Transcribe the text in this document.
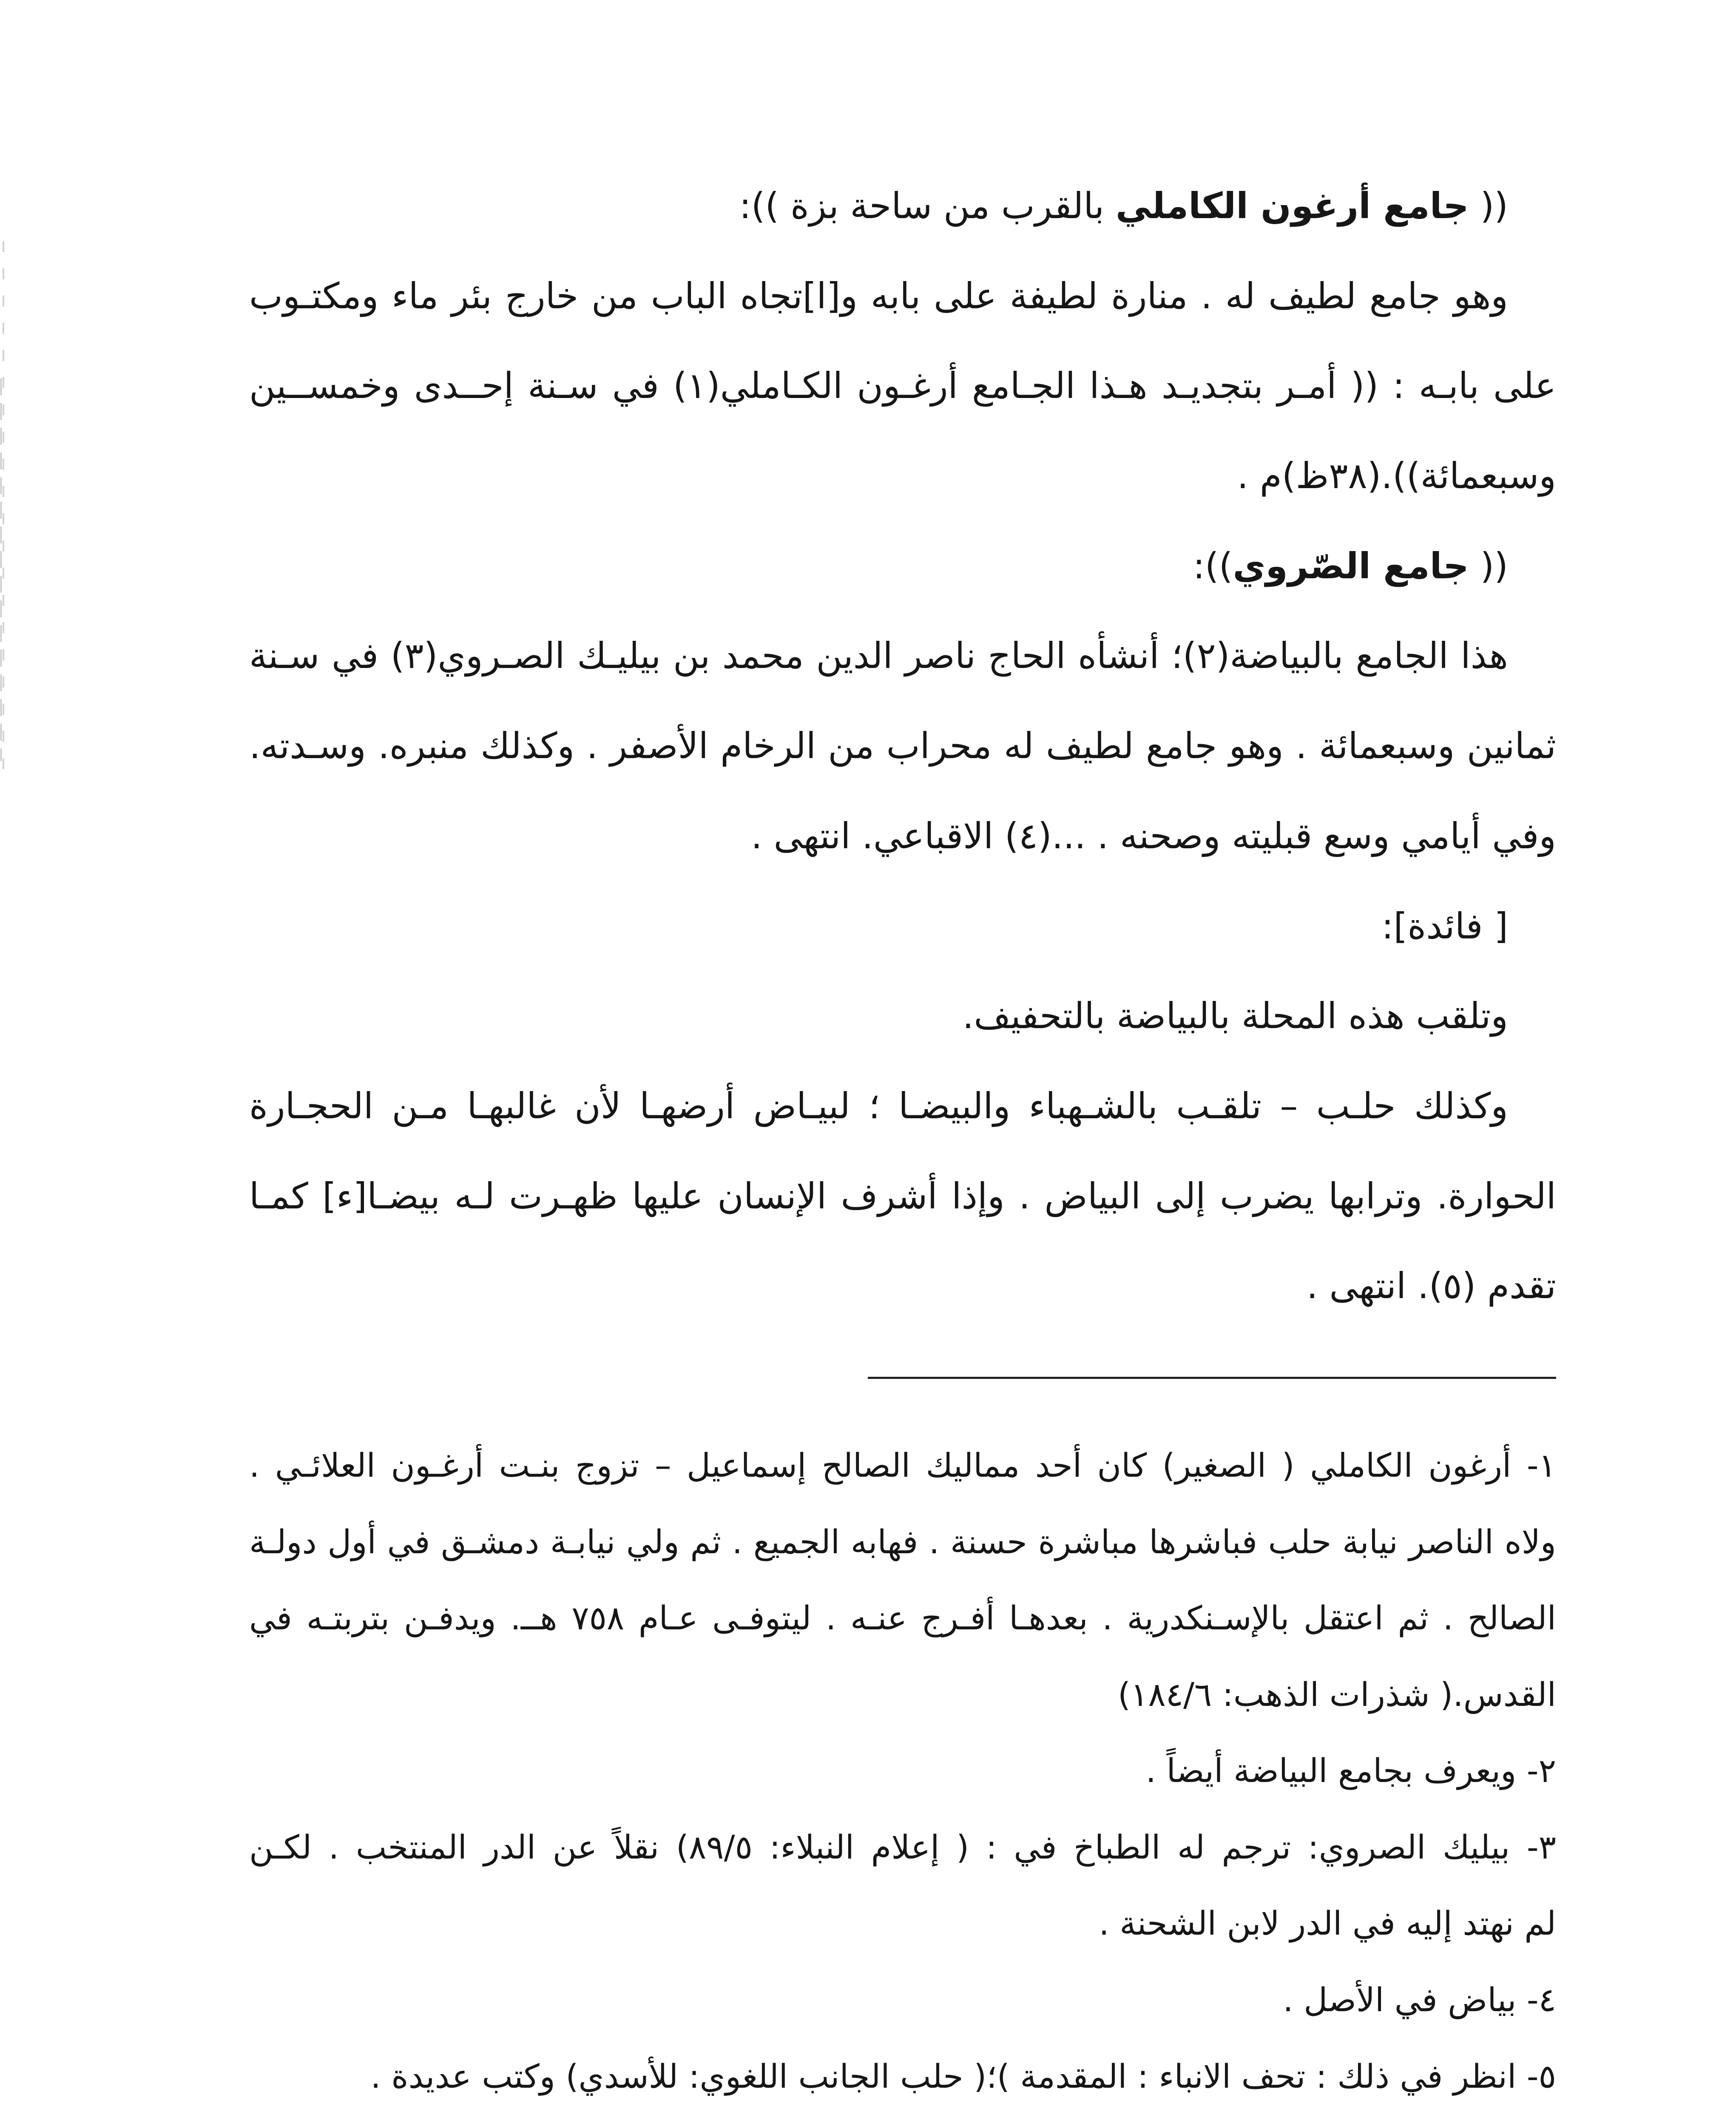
(( جامع أرغون الكاملي بالقرب من ساحة بزة )):
وهو جامع لطيف له . منارة لطيفة على بابه و[ا]تجاه الباب من خارج بئر ماء ومكتـوب
على بابـه : (( أمـر بتجديـد هـذا الجـامع أرغـون الكـاملي(١) في سـنة إحــدى وخمســين
وسبعمائة)).(٣٨ظ)م .
(( جامع الصّروي)):
هذا الجامع بالبياضة(٢)؛ أنشأه الحاج ناصر الدين محمد بن بيليـك الصـروي(٣) في سـنة
ثمانين وسبعمائة . وهو جامع لطيف له محراب من الرخام الأصفر . وكذلك منبره. وسـدته.
وفي أيامي وسع قبليته وصحنه . ...(٤) الاقباعي. انتهى .
[ فائدة]:
وتلقب هذه المحلة بالبياضة بالتحفيف.
وكذلك حلـب – تلقـب بالشـهباء والبيضـا ؛ لبيـاض أرضهـا لأن غالبهـا مـن الحجـارة
الحوارة. وترابها يضرب إلى البياض . وإذا أشرف الإنسان عليها ظهـرت لـه بيضـا[ء] كمـا
تقدم (٥). انتهى .
١- أرغون الكاملي ( الصغير) كان أحد مماليك الصالح إسماعيل – تزوج بنـت أرغـون العلائـي .
ولاه الناصر نيابة حلب فباشرها مباشرة حسنة . فهابه الجميع . ثم ولي نيابـة دمشـق في أول دولـة
الصالح . ثم اعتقل بالإسـنكدرية . بعدهـا أفـرج عنـه . ليتوفـى عـام ٧٥٨ هــ. ويدفـن بتربتـه في
القدس.( شذرات الذهب: ١٨٤/٦)
٢- ويعرف بجامع البياضة أيضاً .
٣- بيليك الصروي: ترجم له الطباخ في : ( إعلام النبلاء: ٨٩/٥) نقلاً عن الدر المنتخب . لكـن
لم نهتد إليه في الدر لابن الشحنة .
٤- بياض في الأصل .
٥- انظر في ذلك : تحف الانباء : المقدمة )؛( حلب الجانب اللغوي: للأسدي) وكتب عديدة .
